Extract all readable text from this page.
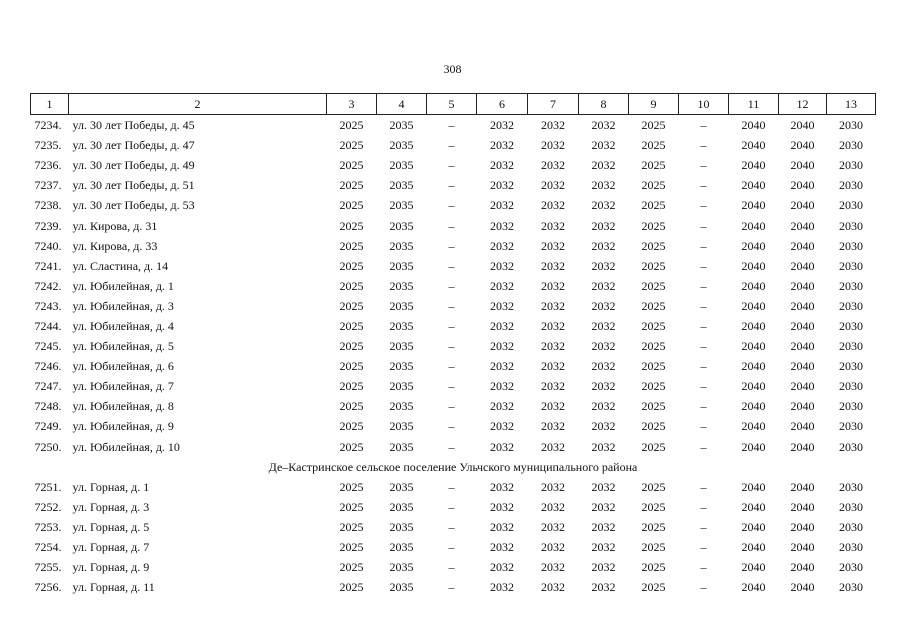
308
1	2	3	4	5	6	7	8	9	10	11	12	13
7234.	ул. 30 лет Победы, д. 45	2025	2035	–	2032	2032	2032	2025	–	2040	2040	2030
7235.	ул. 30 лет Победы, д. 47	2025	2035	–	2032	2032	2032	2025	–	2040	2040	2030
7236.	ул. 30 лет Победы, д. 49	2025	2035	–	2032	2032	2032	2025	–	2040	2040	2030
7237.	ул. 30 лет Победы, д. 51	2025	2035	–	2032	2032	2032	2025	–	2040	2040	2030
7238.	ул. 30 лет Победы, д. 53	2025	2035	–	2032	2032	2032	2025	–	2040	2040	2030
7239.	ул. Кирова, д. 31	2025	2035	–	2032	2032	2032	2025	–	2040	2040	2030
7240.	ул. Кирова, д. 33	2025	2035	–	2032	2032	2032	2025	–	2040	2040	2030
7241.	ул. Сластина, д. 14	2025	2035	–	2032	2032	2032	2025	–	2040	2040	2030
7242.	ул. Юбилейная, д. 1	2025	2035	–	2032	2032	2032	2025	–	2040	2040	2030
7243.	ул. Юбилейная, д. 3	2025	2035	–	2032	2032	2032	2025	–	2040	2040	2030
7244.	ул. Юбилейная, д. 4	2025	2035	–	2032	2032	2032	2025	–	2040	2040	2030
7245.	ул. Юбилейная, д. 5	2025	2035	–	2032	2032	2032	2025	–	2040	2040	2030
7246.	ул. Юбилейная, д. 6	2025	2035	–	2032	2032	2032	2025	–	2040	2040	2030
7247.	ул. Юбилейная, д. 7	2025	2035	–	2032	2032	2032	2025	–	2040	2040	2030
7248.	ул. Юбилейная, д. 8	2025	2035	–	2032	2032	2032	2025	–	2040	2040	2030
7249.	ул. Юбилейная, д. 9	2025	2035	–	2032	2032	2032	2025	–	2040	2040	2030
7250.	ул. Юбилейная, д. 10	2025	2035	–	2032	2032	2032	2025	–	2040	2040	2030
Де–Кастринское сельское поселение Ульчского муниципального района												
7251.	ул. Горная, д. 1	2025	2035	–	2032	2032	2032	2025	–	2040	2040	2030
7252.	ул. Горная, д. 3	2025	2035	–	2032	2032	2032	2025	–	2040	2040	2030
7253.	ул. Горная, д. 5	2025	2035	–	2032	2032	2032	2025	–	2040	2040	2030
7254.	ул. Горная, д. 7	2025	2035	–	2032	2032	2032	2025	–	2040	2040	2030
7255.	ул. Горная, д. 9	2025	2035	–	2032	2032	2032	2025	–	2040	2040	2030
7256.	ул. Горная, д. 11	2025	2035	–	2032	2032	2032	2025	–	2040	2040	2030
